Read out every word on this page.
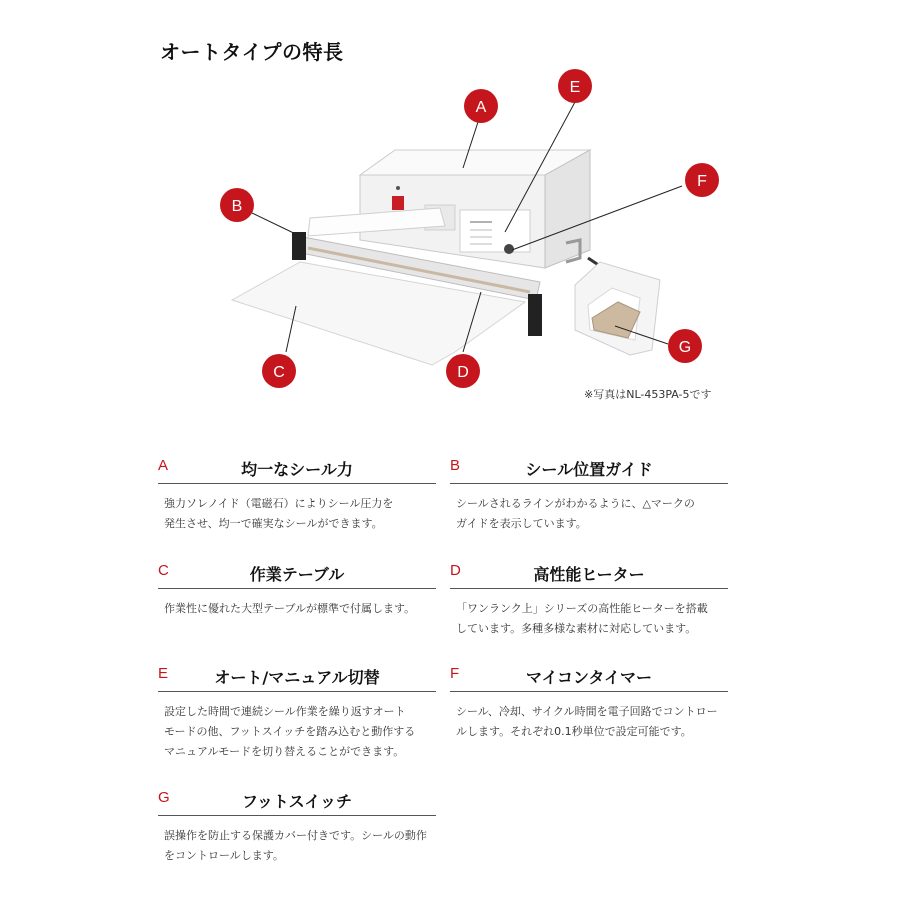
オートタイプの特長
A
E
F
B
C	D
G
※写真はNL-453PA-5です
A	均一なシール力
強力ソレノイド（電磁石）によりシール圧力を
発生させ、均一で確実なシールができます。
B	シール位置ガイド
シールされるラインがわかるように、△マークの
ガイドを表示しています。
C	作業テーブル
作業性に優れた大型テーブルが標準で付属します。
D	高性能ヒーター
「ワンランク上」シリーズの高性能ヒーターを搭載
しています。多種多様な素材に対応しています。
E	オート/マニュアル切替
設定した時間で連続シール作業を繰り返すオート
モードの他、フットスイッチを踏み込むと動作する
マニュアルモードを切り替えることができます。
F	マイコンタイマー
シール、冷却、サイクル時間を電子回路でコントロー
ルします。それぞれ0.1秒単位で設定可能です。
G	フットスイッチ
誤操作を防止する保護カバー付きです。シールの動作
をコントロールします。
